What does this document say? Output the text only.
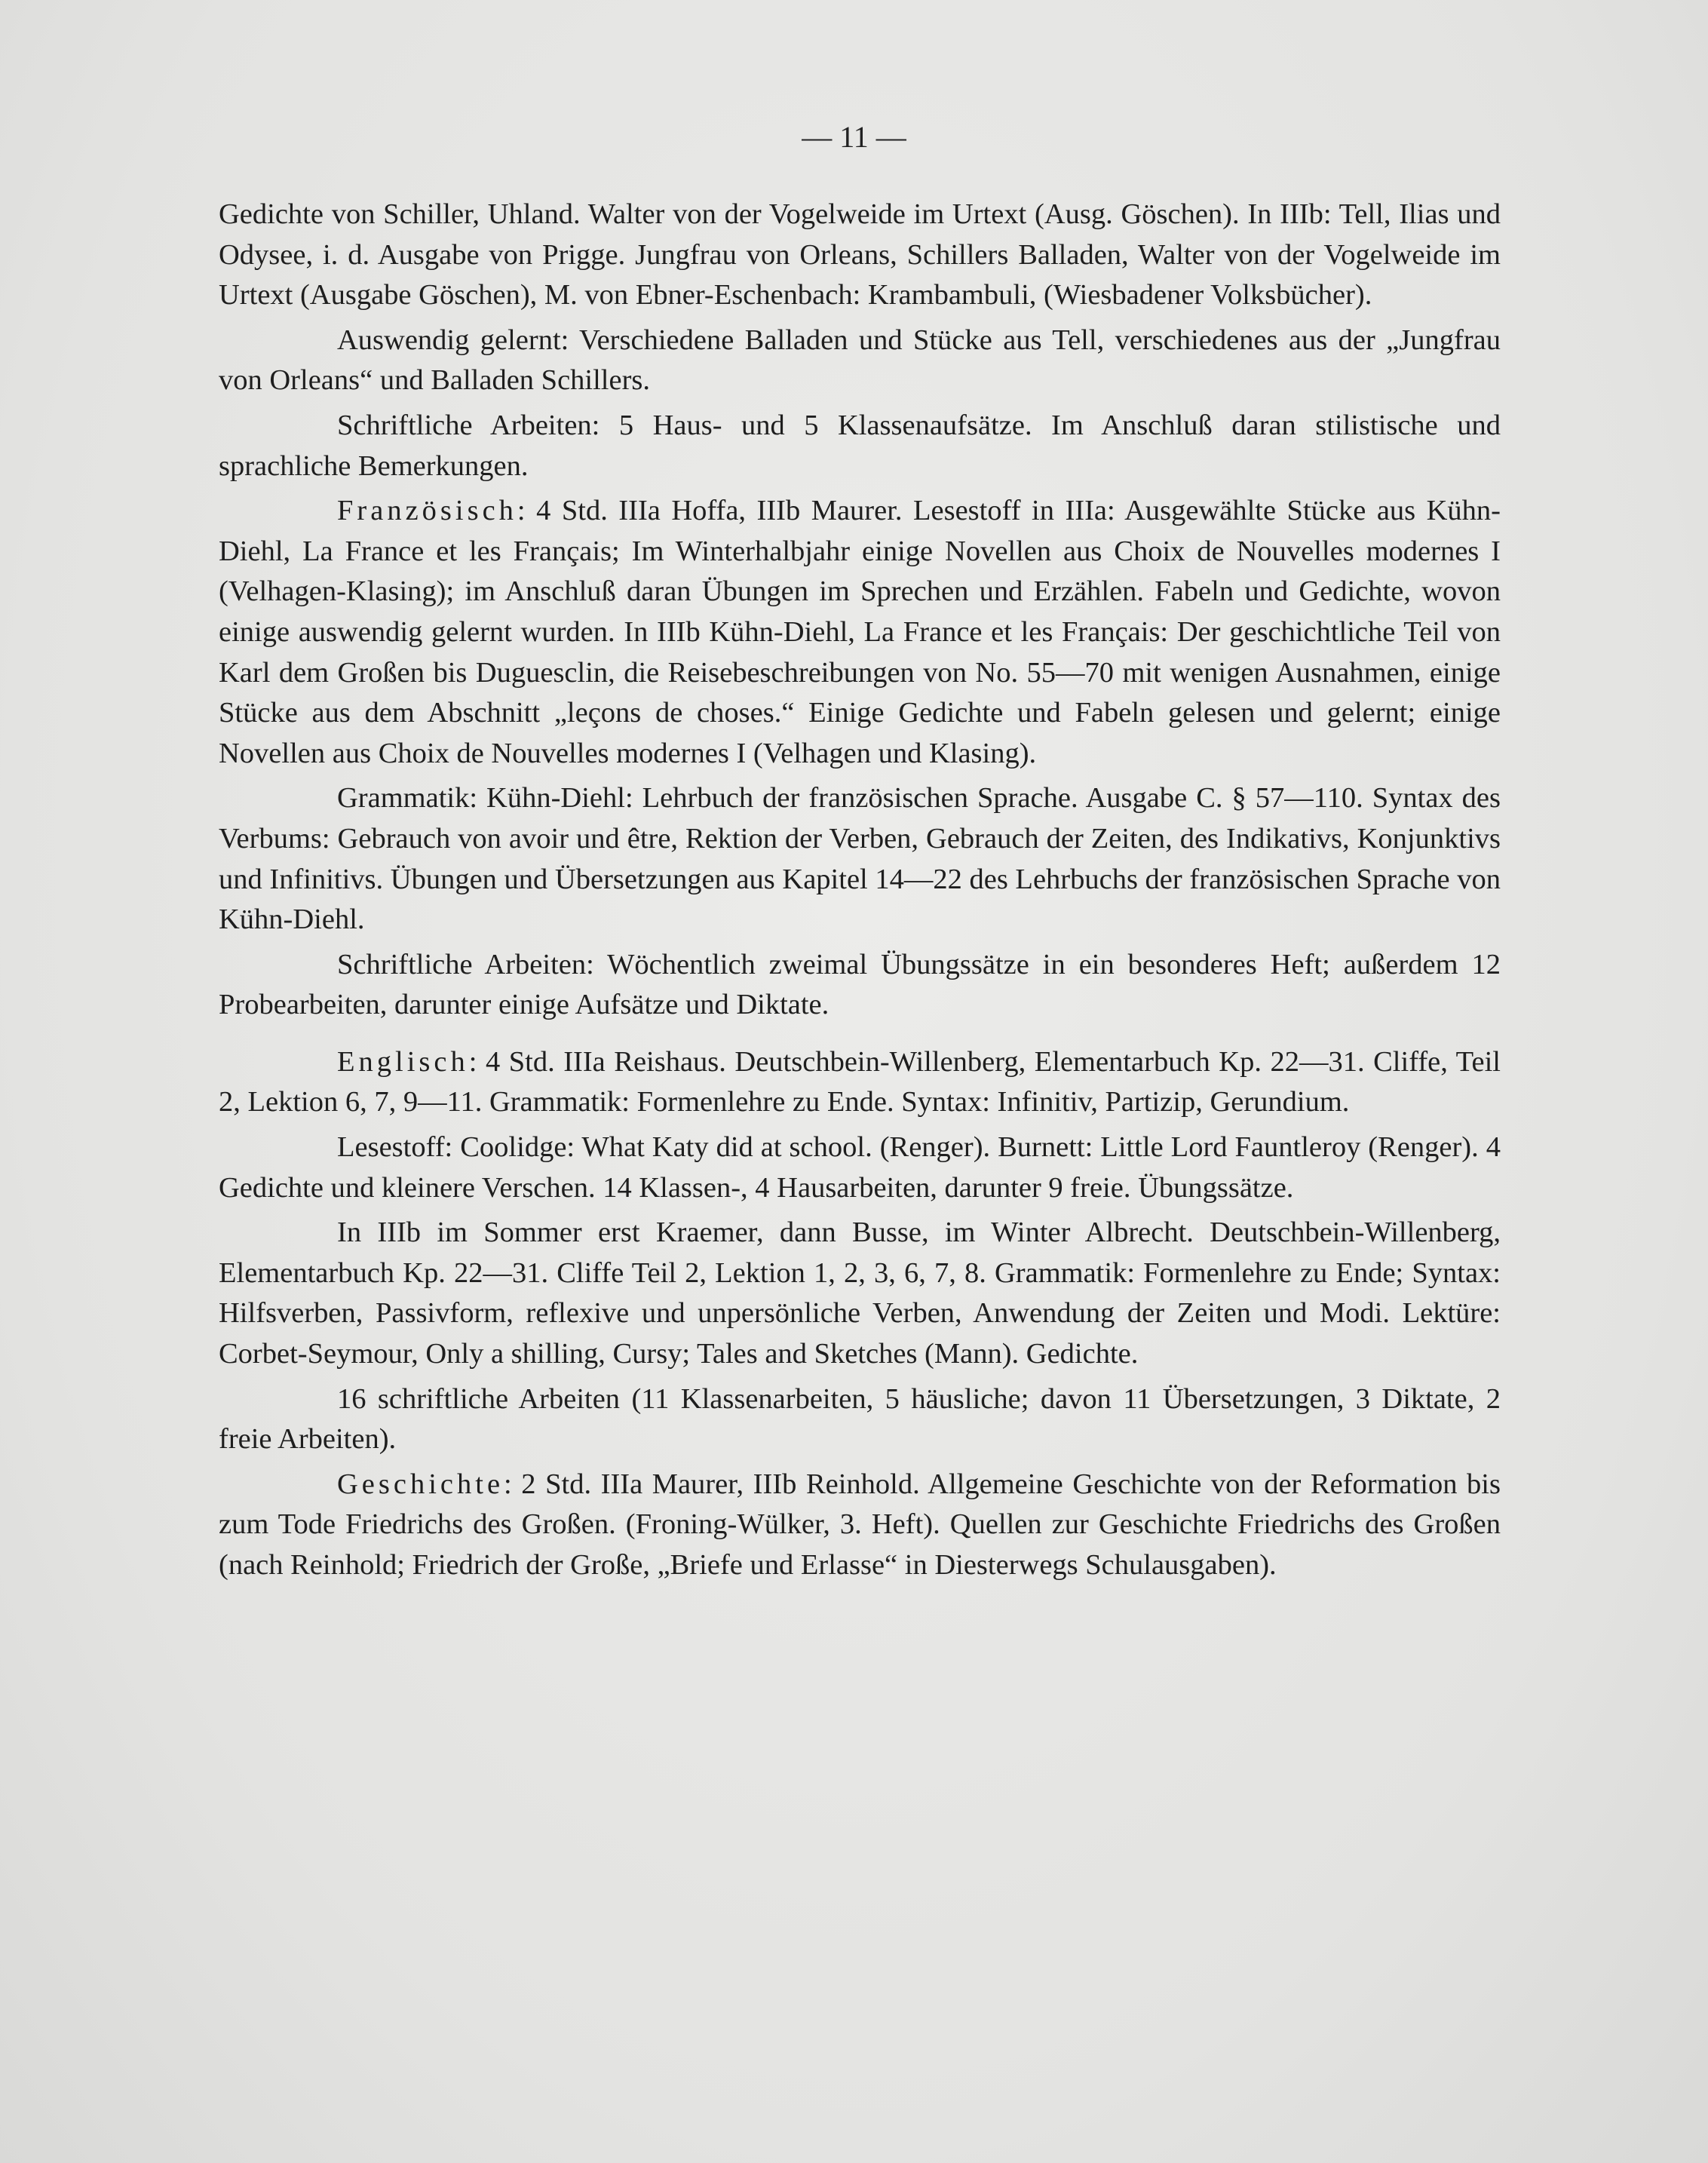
— 11 —

Gedichte von Schiller, Uhland. Walter von der Vogelweide im Urtext (Ausg. Göschen). In IIIb: Tell, Ilias und Odysee, i. d. Ausgabe von Prigge. Jungfrau von Orleans, Schillers Balladen, Walter von der Vogelweide im Urtext (Ausgabe Göschen), M. von Ebner-Eschenbach: Krambambuli, (Wiesbadener Volksbücher).

Auswendig gelernt: Verschiedene Balladen und Stücke aus Tell, verschiedenes aus der „Jungfrau von Orleans“ und Balladen Schillers.

Schriftliche Arbeiten: 5 Haus- und 5 Klassenaufsätze. Im Anschluß daran stilistische und sprachliche Bemerkungen.

Französisch: 4 Std. IIIa Hoffa, IIIb Maurer. Lesestoff in IIIa: Ausgewählte Stücke aus Kühn-Diehl, La France et les Français; Im Winterhalbjahr einige Novellen aus Choix de Nouvelles modernes I (Velhagen-Klasing); im Anschluß daran Übungen im Sprechen und Erzählen. Fabeln und Gedichte, wovon einige auswendig gelernt wurden. In IIIb Kühn-Diehl, La France et les Français: Der geschichtliche Teil von Karl dem Großen bis Duguesclin, die Reisebeschreibungen von No. 55—70 mit wenigen Ausnahmen, einige Stücke aus dem Abschnitt „leçons de choses.“ Einige Gedichte und Fabeln gelesen und gelernt; einige Novellen aus Choix de Nouvelles modernes I (Velhagen und Klasing).

Grammatik: Kühn-Diehl: Lehrbuch der französischen Sprache. Ausgabe C. § 57—110. Syntax des Verbums: Gebrauch von avoir und être, Rektion der Verben, Gebrauch der Zeiten, des Indikativs, Konjunktivs und Infinitivs. Übungen und Übersetzungen aus Kapitel 14—22 des Lehrbuchs der französischen Sprache von Kühn-Diehl.

Schriftliche Arbeiten: Wöchentlich zweimal Übungssätze in ein besonderes Heft; außerdem 12 Probearbeiten, darunter einige Aufsätze und Diktate.

Englisch: 4 Std. IIIa Reishaus. Deutschbein-Willenberg, Elementarbuch Kp. 22—31. Cliffe, Teil 2, Lektion 6, 7, 9—11. Grammatik: Formenlehre zu Ende. Syntax: Infinitiv, Partizip, Gerundium.

Lesestoff: Coolidge: What Katy did at school. (Renger). Burnett: Little Lord Fauntleroy (Renger). 4 Gedichte und kleinere Verschen. 14 Klassen-, 4 Hausarbeiten, darunter 9 freie. Übungssätze.

In IIIb im Sommer erst Kraemer, dann Busse, im Winter Albrecht. Deutschbein-Willenberg, Elementarbuch Kp. 22—31. Cliffe Teil 2, Lektion 1, 2, 3, 6, 7, 8. Grammatik: Formenlehre zu Ende; Syntax: Hilfsverben, Passivform, reflexive und unpersönliche Verben, Anwendung der Zeiten und Modi. Lektüre: Corbet-Seymour, Only a shilling, Cursy; Tales and Sketches (Mann). Gedichte.

16 schriftliche Arbeiten (11 Klassenarbeiten, 5 häusliche; davon 11 Übersetzungen, 3 Diktate, 2 freie Arbeiten).

Geschichte: 2 Std. IIIa Maurer, IIIb Reinhold. Allgemeine Geschichte von der Reformation bis zum Tode Friedrichs des Großen. (Froning-Wülker, 3. Heft). Quellen zur Geschichte Friedrichs des Großen (nach Reinhold; Friedrich der Große, „Briefe und Erlasse“ in Diesterwegs Schulausgaben).
